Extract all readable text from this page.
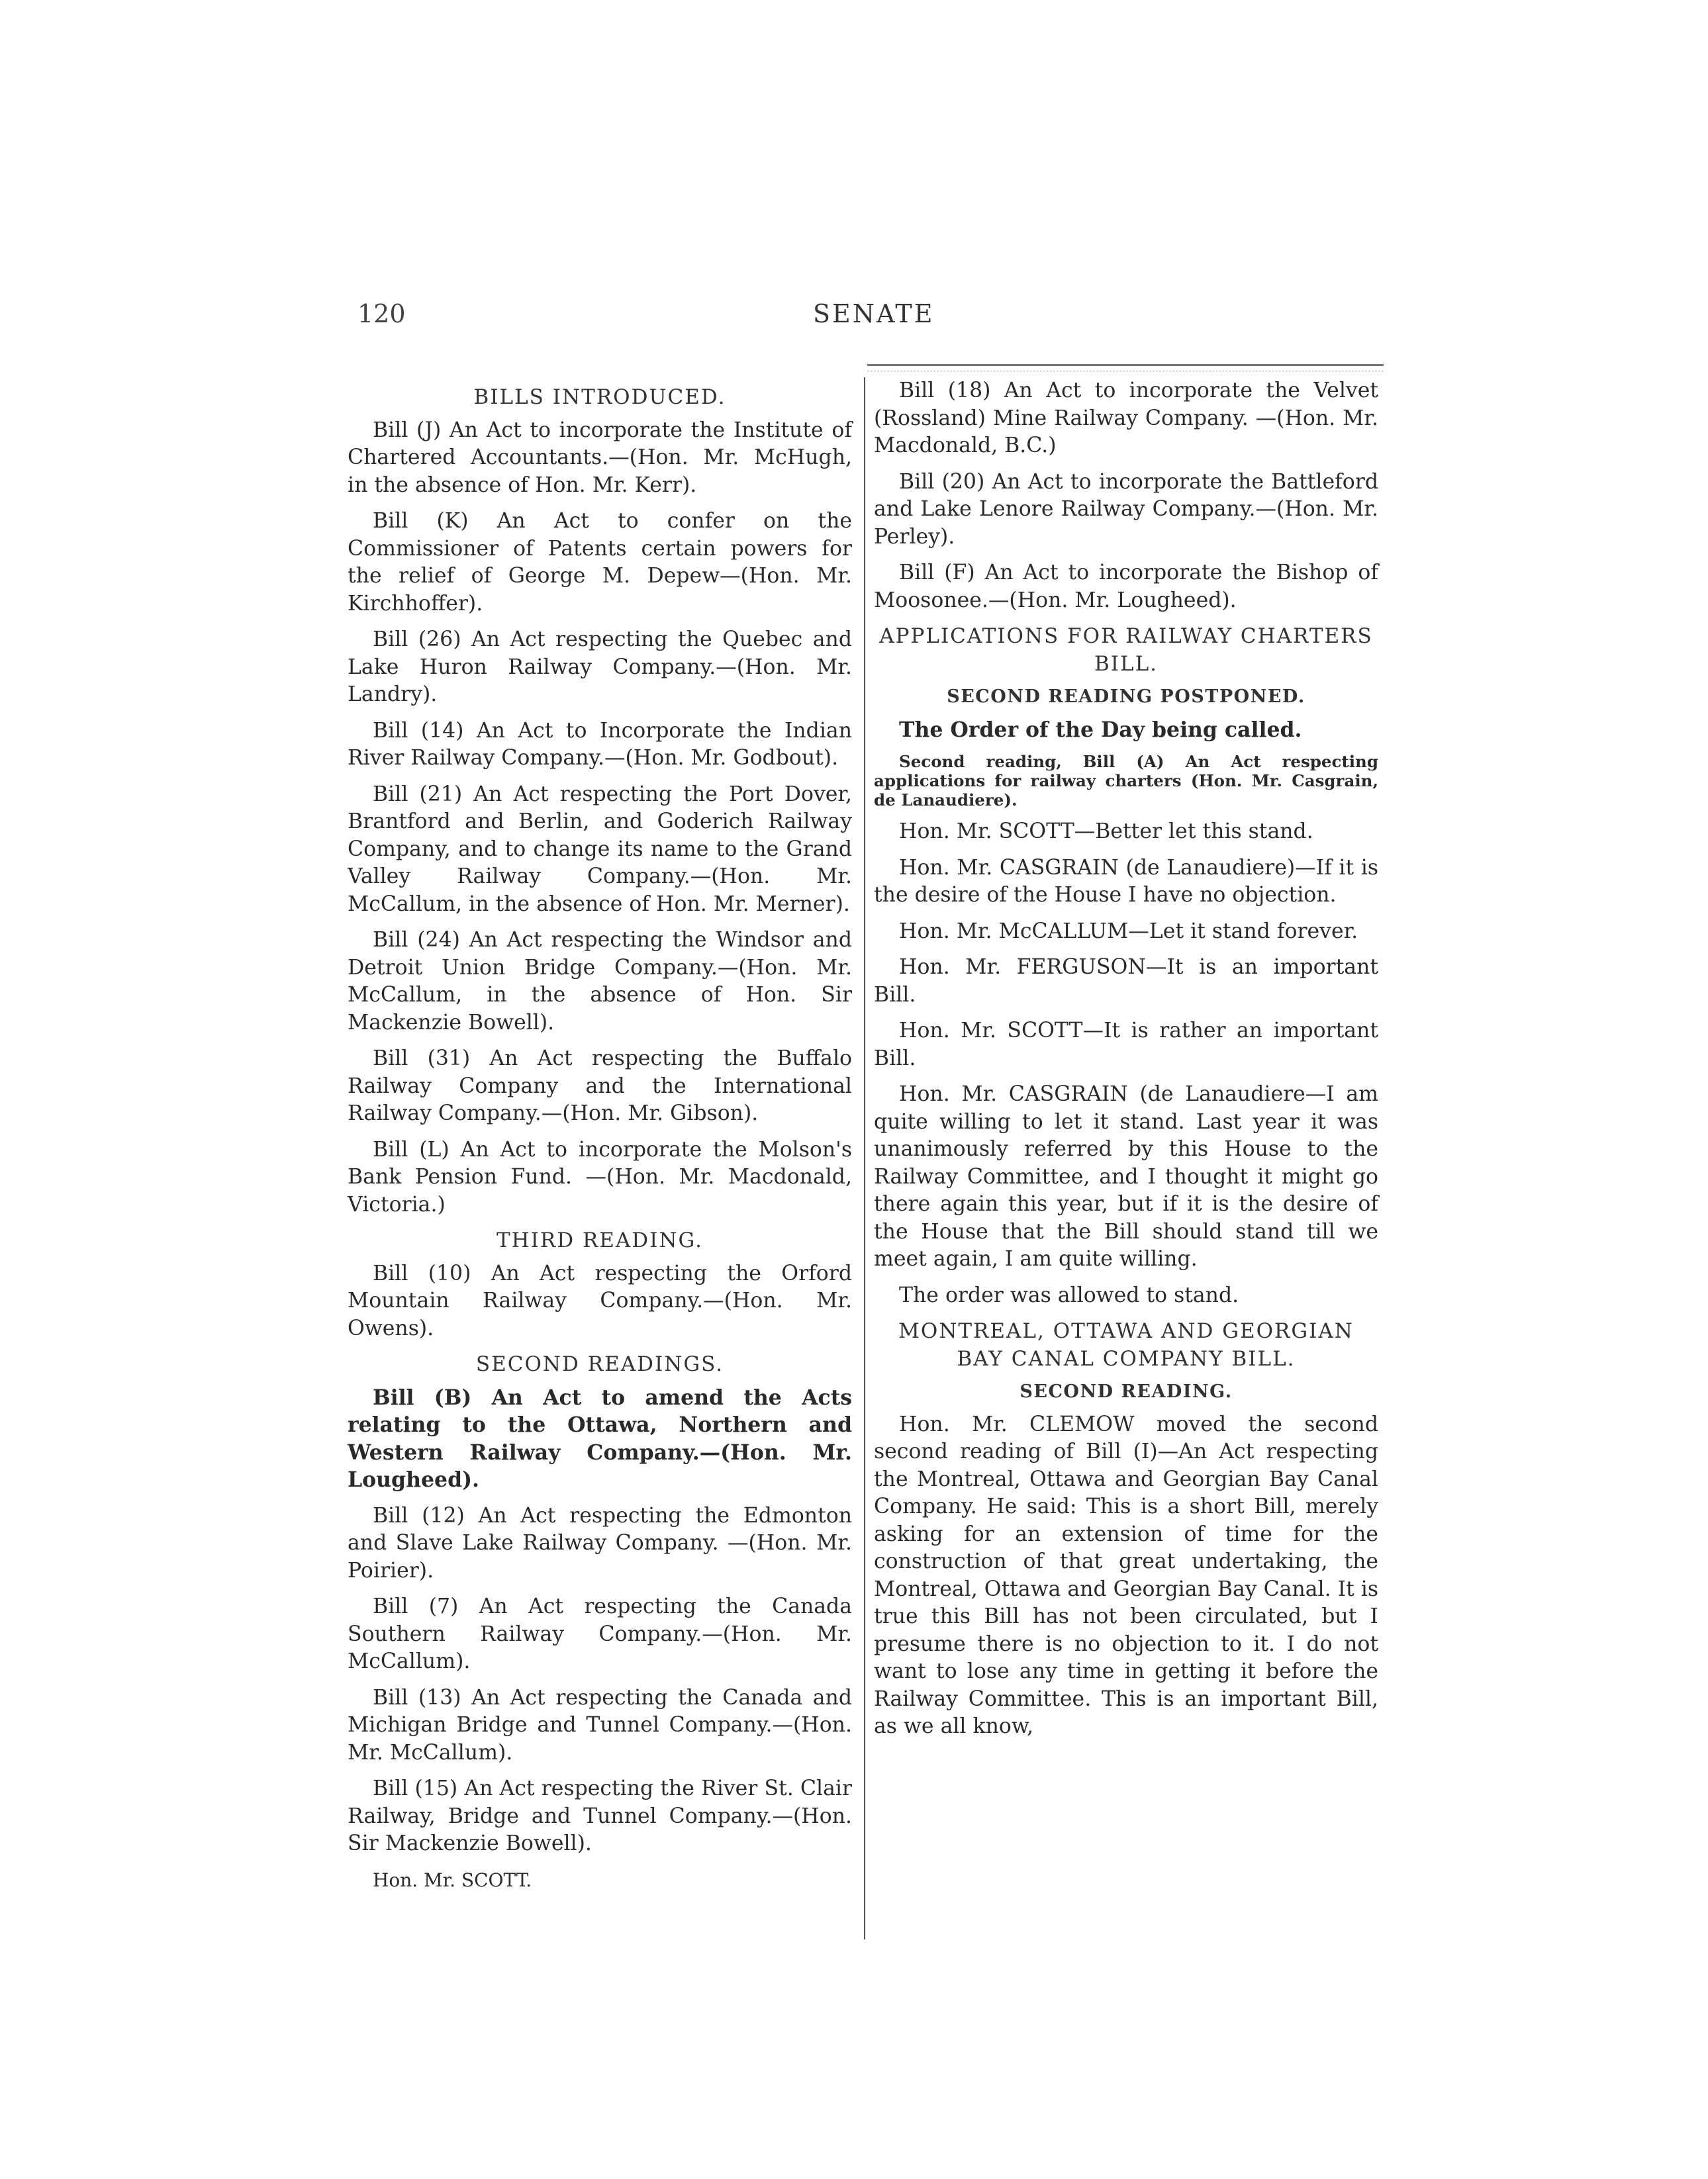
120	SENATE
BILLS INTRODUCED.

Bill (J) An Act to incorporate the Institute of Chartered Accountants.—(Hon. Mr. McHugh, in the absence of Hon. Mr. Kerr).

Bill (K) An Act to confer on the Commissioner of Patents certain powers for the relief of George M. Depew—(Hon. Mr. Kirchhoffer).

Bill (26) An Act respecting the Quebec and Lake Huron Railway Company.—(Hon. Mr. Landry).

Bill (14) An Act to Incorporate the Indian River Railway Company.—(Hon. Mr. Godbout).

Bill (21) An Act respecting the Port Dover, Brantford and Berlin, and Goderich Railway Company, and to change its name to the Grand Valley Railway Company.—(Hon. Mr. McCallum, in the absence of Hon. Mr. Merner).

Bill (24) An Act respecting the Windsor and Detroit Union Bridge Company.—(Hon. Mr. McCallum, in the absence of Hon. Sir Mackenzie Bowell).

Bill (31) An Act respecting the Buffalo Railway Company and the International Railway Company.—(Hon. Mr. Gibson).

Bill (L) An Act to incorporate the Molson's Bank Pension Fund. —(Hon. Mr. Macdonald, Victoria.)

THIRD READING.

Bill (10) An Act respecting the Orford Mountain Railway Company.—(Hon. Mr. Owens).

SECOND READINGS.

Bill (B) An Act to amend the Acts relating to the Ottawa, Northern and Western Railway Company.—(Hon. Mr. Lougheed).

Bill (12) An Act respecting the Edmonton and Slave Lake Railway Company. —(Hon. Mr. Poirier).

Bill (7) An Act respecting the Canada Southern Railway Company.—(Hon. Mr. McCallum).

Bill (13) An Act respecting the Canada and Michigan Bridge and Tunnel Company.—(Hon. Mr. McCallum).

Bill (15) An Act respecting the River St. Clair Railway, Bridge and Tunnel Company.—(Hon. Sir Mackenzie Bowell).

Hon. Mr. SCOTT.

Bill (18) An Act to incorporate the Velvet (Rossland) Mine Railway Company. —(Hon. Mr. Macdonald, B.C.)

Bill (20) An Act to incorporate the Battleford and Lake Lenore Railway Company.—(Hon. Mr. Perley).

Bill (F) An Act to incorporate the Bishop of Moosonee.—(Hon. Mr. Lougheed).

APPLICATIONS FOR RAILWAY CHARTERS BILL.
SECOND READING POSTPONED.

The Order of the Day being called.

Second reading, Bill (A) An Act respecting applications for railway charters (Hon. Mr. Casgrain, de Lanaudiere).

Hon. Mr. SCOTT—Better let this stand.

Hon. Mr. CASGRAIN (de Lanaudiere)—If it is the desire of the House I have no objection.

Hon. Mr. McCALLUM—Let it stand forever.

Hon. Mr. FERGUSON—It is an important Bill.

Hon. Mr. SCOTT—It is rather an important Bill.

Hon. Mr. CASGRAIN (de Lanaudiere—I am quite willing to let it stand. Last year it was unanimously referred by this House to the Railway Committee, and I thought it might go there again this year, but if it is the desire of the House that the Bill should stand till we meet again, I am quite willing.

The order was allowed to stand.

MONTREAL, OTTAWA AND GEORGIAN BAY CANAL COMPANY BILL.
SECOND READING.

Hon. Mr. CLEMOW moved the second second reading of Bill (I)—An Act respecting the Montreal, Ottawa and Georgian Bay Canal Company. He said: This is a short Bill, merely asking for an extension of time for the construction of that great undertaking, the Montreal, Ottawa and Georgian Bay Canal. It is true this Bill has not been circulated, but I presume there is no objection to it. I do not want to lose any time in getting it before the Railway Committee. This is an important Bill, as we all know,
